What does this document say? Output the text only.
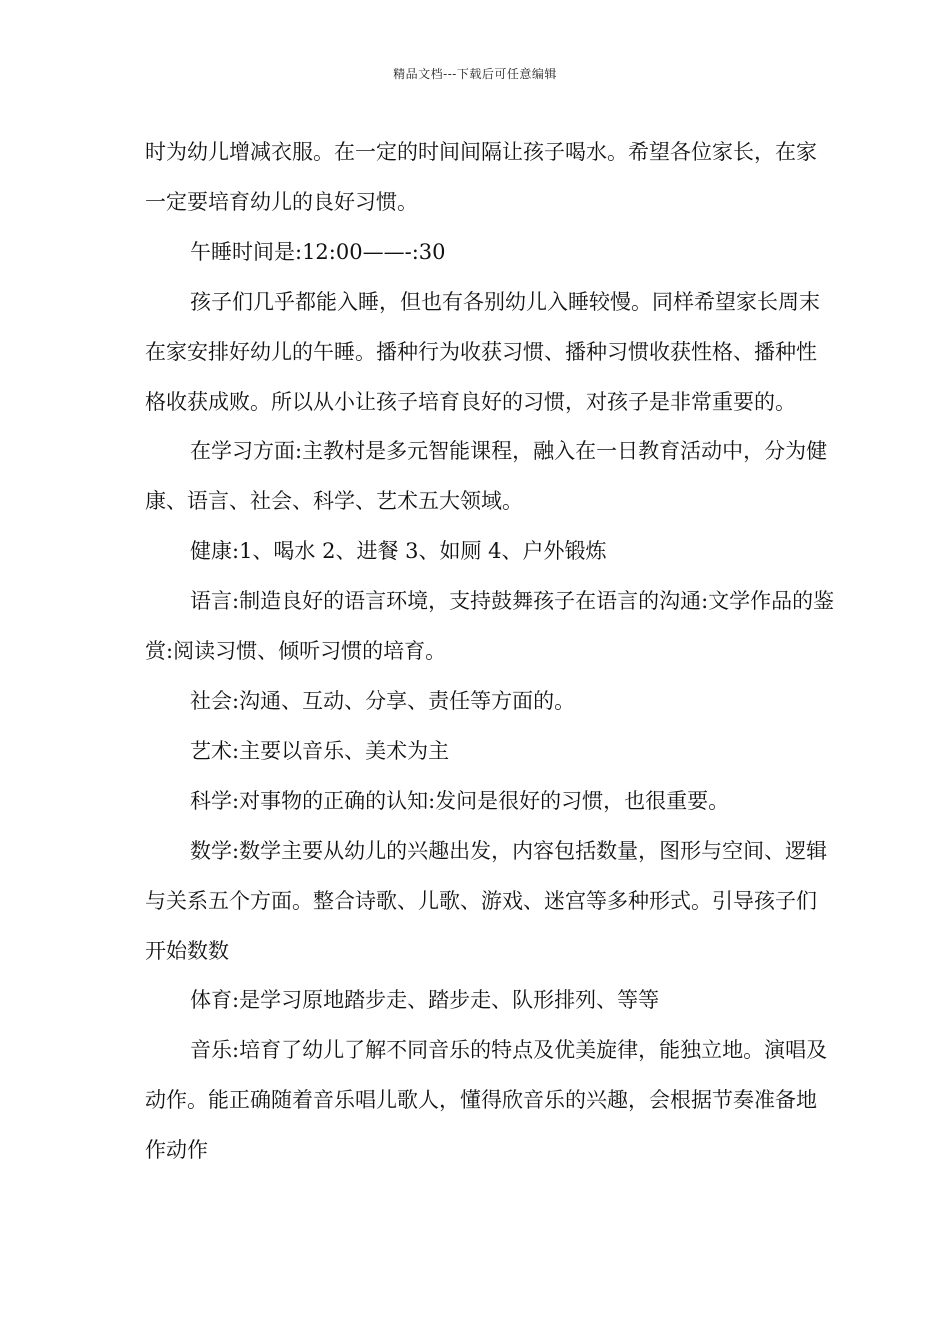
精品文档---下载后可任意编辑

时为幼儿增减衣服。在一定的时间间隔让孩子喝水。希望各位家长，在家一定要培育幼儿的良好习惯。

午睡时间是:12:00——-:30

孩子们几乎都能入睡，但也有各别幼儿入睡较慢。同样希望家长周末在家安排好幼儿的午睡。播种行为收获习惯、播种习惯收获性格、播种性格收获成败。所以从小让孩子培育良好的习惯，对孩子是非常重要的。

在学习方面:主教村是多元智能课程，融入在一日教育活动中，分为健康、语言、社会、科学、艺术五大领域。

健康:1、喝水 2、进餐 3、如厕 4、户外锻炼

语言:制造良好的语言环境，支持鼓舞孩子在语言的沟通:文学作品的鉴赏:阅读习惯、倾听习惯的培育。

社会:沟通、互动、分享、责任等方面的。

艺术:主要以音乐、美术为主

科学:对事物的正确的认知:发问是很好的习惯，也很重要。

数学:数学主要从幼儿的兴趣出发，内容包括数量，图形与空间、逻辑与关系五个方面。整合诗歌、儿歌、游戏、迷宫等多种形式。引导孩子们开始数数

体育:是学习原地踏步走、踏步走、队形排列、等等

音乐:培育了幼儿了解不同音乐的特点及优美旋律，能独立地。演唱及动作。能正确随着音乐唱儿歌人，懂得欣音乐的兴趣，会根据节奏准备地作动作
